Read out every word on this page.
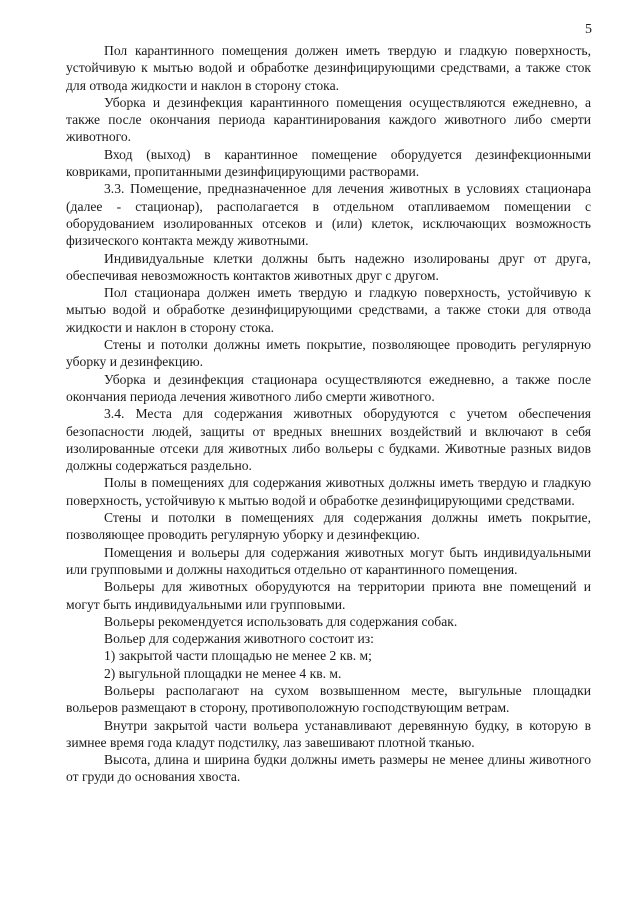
5

Пол карантинного помещения должен иметь твердую и гладкую поверхность, устойчивую к мытью водой и обработке дезинфицирующими средствами, а также сток для отвода жидкости и наклон в сторону стока.

Уборка и дезинфекция карантинного помещения осуществляются ежедневно, а также после окончания периода карантинирования каждого животного либо смерти животного.

Вход (выход) в карантинное помещение оборудуется дезинфекционными ковриками, пропитанными дезинфицирующими растворами.

3.3. Помещение, предназначенное для лечения животных в условиях стационара (далее - стационар), располагается в отдельном отапливаемом помещении с оборудованием изолированных отсеков и (или) клеток, исключающих возможность физического контакта между животными.

Индивидуальные клетки должны быть надежно изолированы друг от друга, обеспечивая невозможность контактов животных друг с другом.

Пол стационара должен иметь твердую и гладкую поверхность, устойчивую к мытью водой и обработке дезинфицирующими средствами, а также стоки для отвода жидкости и наклон в сторону стока.

Стены и потолки должны иметь покрытие, позволяющее проводить регулярную уборку и дезинфекцию.

Уборка и дезинфекция стационара осуществляются ежедневно, а также после окончания периода лечения животного либо смерти животного.

3.4. Места для содержания животных оборудуются с учетом обеспечения безопасности людей, защиты от вредных внешних воздействий и включают в себя изолированные отсеки для животных либо вольеры с будками. Животные разных видов должны содержаться раздельно.

Полы в помещениях для содержания животных должны иметь твердую и гладкую поверхность, устойчивую к мытью водой и обработке дезинфицирующими средствами.

Стены и потолки в помещениях для содержания должны иметь покрытие, позволяющее проводить регулярную уборку и дезинфекцию.

Помещения и вольеры для содержания животных могут быть индивидуальными или групповыми и должны находиться отдельно от карантинного помещения.

Вольеры для животных оборудуются на территории приюта вне помещений и могут быть индивидуальными или групповыми.

Вольеры рекомендуется использовать для содержания собак.

Вольер для содержания животного состоит из:

1) закрытой части площадью не менее 2 кв. м;

2) выгульной площадки не менее 4 кв. м.

Вольеры располагают на сухом возвышенном месте, выгульные площадки вольеров размещают в сторону, противоположную господствующим ветрам.

Внутри закрытой части вольера устанавливают деревянную будку, в которую в зимнее время года кладут подстилку, лаз завешивают плотной тканью.

Высота, длина и ширина будки должны иметь размеры не менее длины животного от груди до основания хвоста.
